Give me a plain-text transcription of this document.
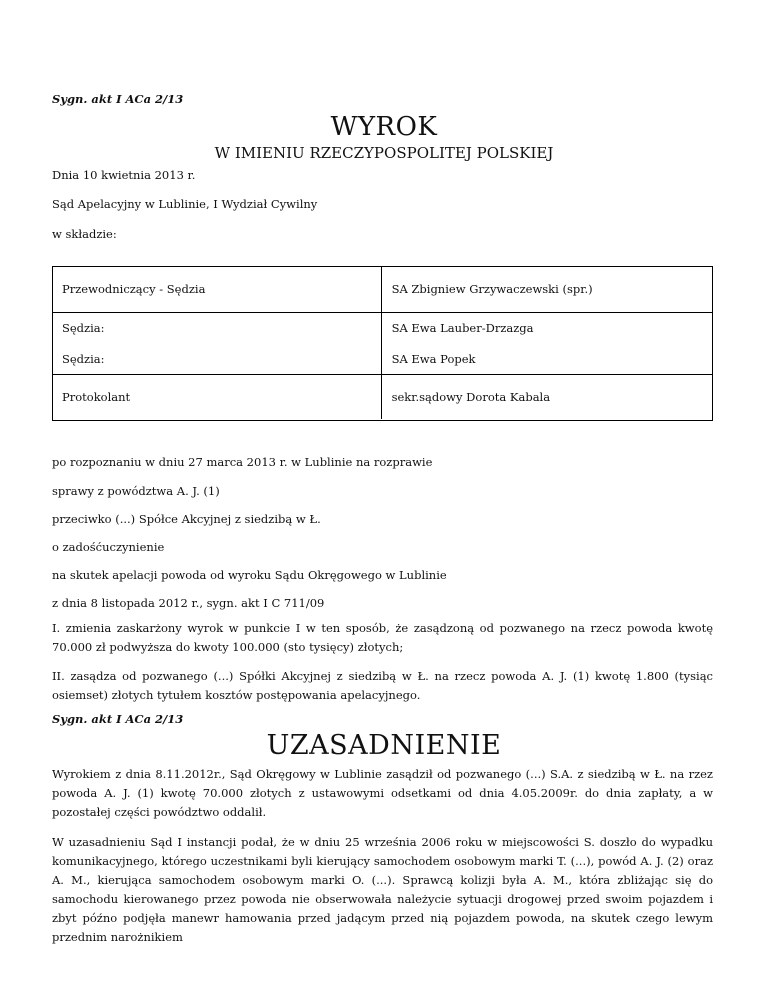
Sygn. akt I ACa 2/13
WYROK
W IMIENIU RZECZYPOSPOLITEJ POLSKIEJ
Dnia 10 kwietnia 2013 r.
Sąd Apelacyjny w Lublinie, I Wydział Cywilny
w składzie:
Przewodniczący - Sędzia	SA Zbigniew Grzywaczewski (spr.)
Sędzia:	SA Ewa Lauber-Drzazga
Sędzia:	SA Ewa Popek
Protokolant	sekr.sądowy Dorota Kabala
po rozpoznaniu w dniu 27 marca 2013 r. w Lublinie na rozprawie
sprawy z powództwa A. J. (1)
przeciwko (...) Spółce Akcyjnej z siedzibą w Ł.
o zadośćuczynienie
na skutek apelacji powoda od wyroku Sądu Okręgowego w Lublinie
z dnia 8 listopada 2012 r., sygn. akt I C 711/09
I. zmienia zaskarżony wyrok w punkcie I w ten sposób, że zasądzoną od pozwanego na rzecz powoda kwotę 70.000 zł podwyższa do kwoty 100.000 (sto tysięcy) złotych;
II. zasądza od pozwanego (...) Spółki Akcyjnej z siedzibą w Ł. na rzecz powoda A. J. (1) kwotę 1.800 (tysiąc osiemset) złotych tytułem kosztów postępowania apelacyjnego.
Sygn. akt I ACa 2/13
UZASADNIENIE
Wyrokiem z dnia 8.11.2012r., Sąd Okręgowy w Lublinie zasądził od pozwanego (...) S.A. z siedzibą w Ł. na rzez powoda A. J. (1) kwotę 70.000 złotych z ustawowymi odsetkami od dnia 4.05.2009r. do dnia zapłaty, a w pozostałej części powództwo oddalił.
W uzasadnieniu Sąd I instancji podał, że w dniu 25 września 2006 roku w miejscowości S. doszło do wypadku komunikacyjnego, którego uczestnikami byli kierujący samochodem osobowym marki T. (...), powód A. J. (2) oraz A. M., kierująca samochodem osobowym marki O. (...). Sprawcą kolizji była A. M., która zbliżając się do samochodu kierowanego przez powoda nie obserwowała należycie sytuacji drogowej przed swoim pojazdem i zbyt późno podjęła manewr hamowania przed jadącym przed nią pojazdem powoda, na skutek czego lewym przednim narożnikiem
